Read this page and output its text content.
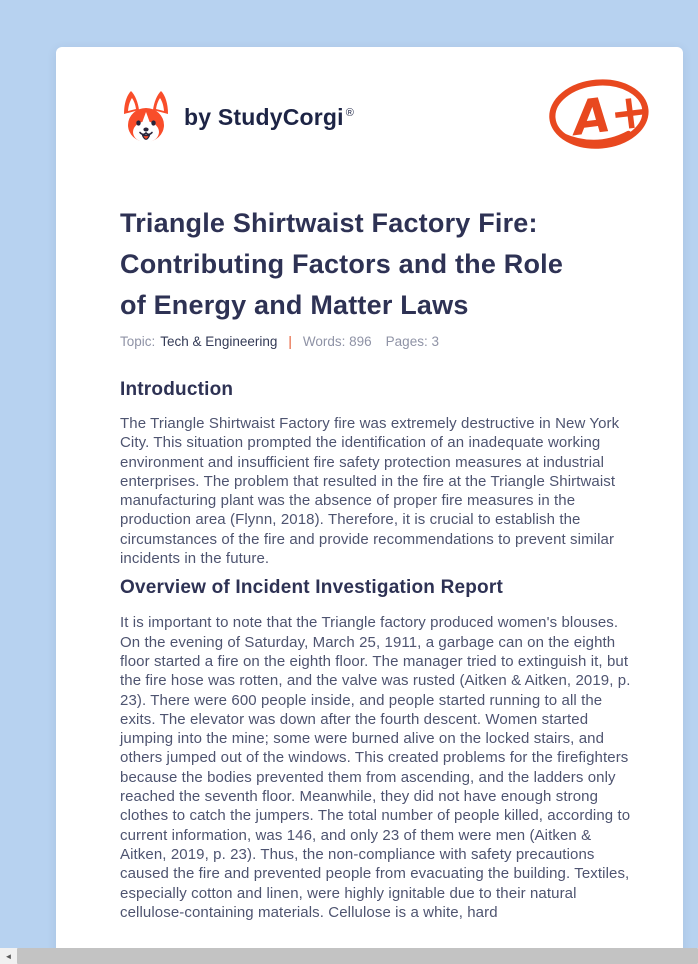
by StudyCorgi ®	A+
Triangle Shirtwaist Factory Fire:
Contributing Factors and the Role
of Energy and Matter Laws
Topic: Tech & Engineering | Words: 896 Pages: 3
Introduction

The Triangle Shirtwaist Factory fire was extremely destructive in New York City. This situation prompted the identification of an inadequate working environment and insufficient fire safety protection measures at industrial enterprises. The problem that resulted in the fire at the Triangle Shirtwaist manufacturing plant was the absence of proper fire measures in the production area (Flynn, 2018). Therefore, it is crucial to establish the circumstances of the fire and provide recommendations to prevent similar incidents in the future.

Overview of Incident Investigation Report

It is important to note that the Triangle factory produced women's blouses. On the evening of Saturday, March 25, 1911, a garbage can on the eighth floor started a fire on the eighth floor. The manager tried to extinguish it, but the fire hose was rotten, and the valve was rusted (Aitken & Aitken, 2019, p. 23). There were 600 people inside, and people started running to all the exits. The elevator was down after the fourth descent. Women started jumping into the mine; some were burned alive on the locked stairs, and others jumped out of the windows. This created problems for the firefighters because the bodies prevented them from ascending, and the ladders only reached the seventh floor. Meanwhile, they did not have enough strong clothes to catch the jumpers. The total number of people killed, according to current information, was 146, and only 23 of them were men (Aitken & Aitken, 2019, p. 23). Thus, the non-compliance with safety precautions caused the fire and prevented people from evacuating the building. Textiles, especially cotton and linen, were highly ignitable due to their natural cellulose-containing materials. Cellulose is a white, hard

◄
